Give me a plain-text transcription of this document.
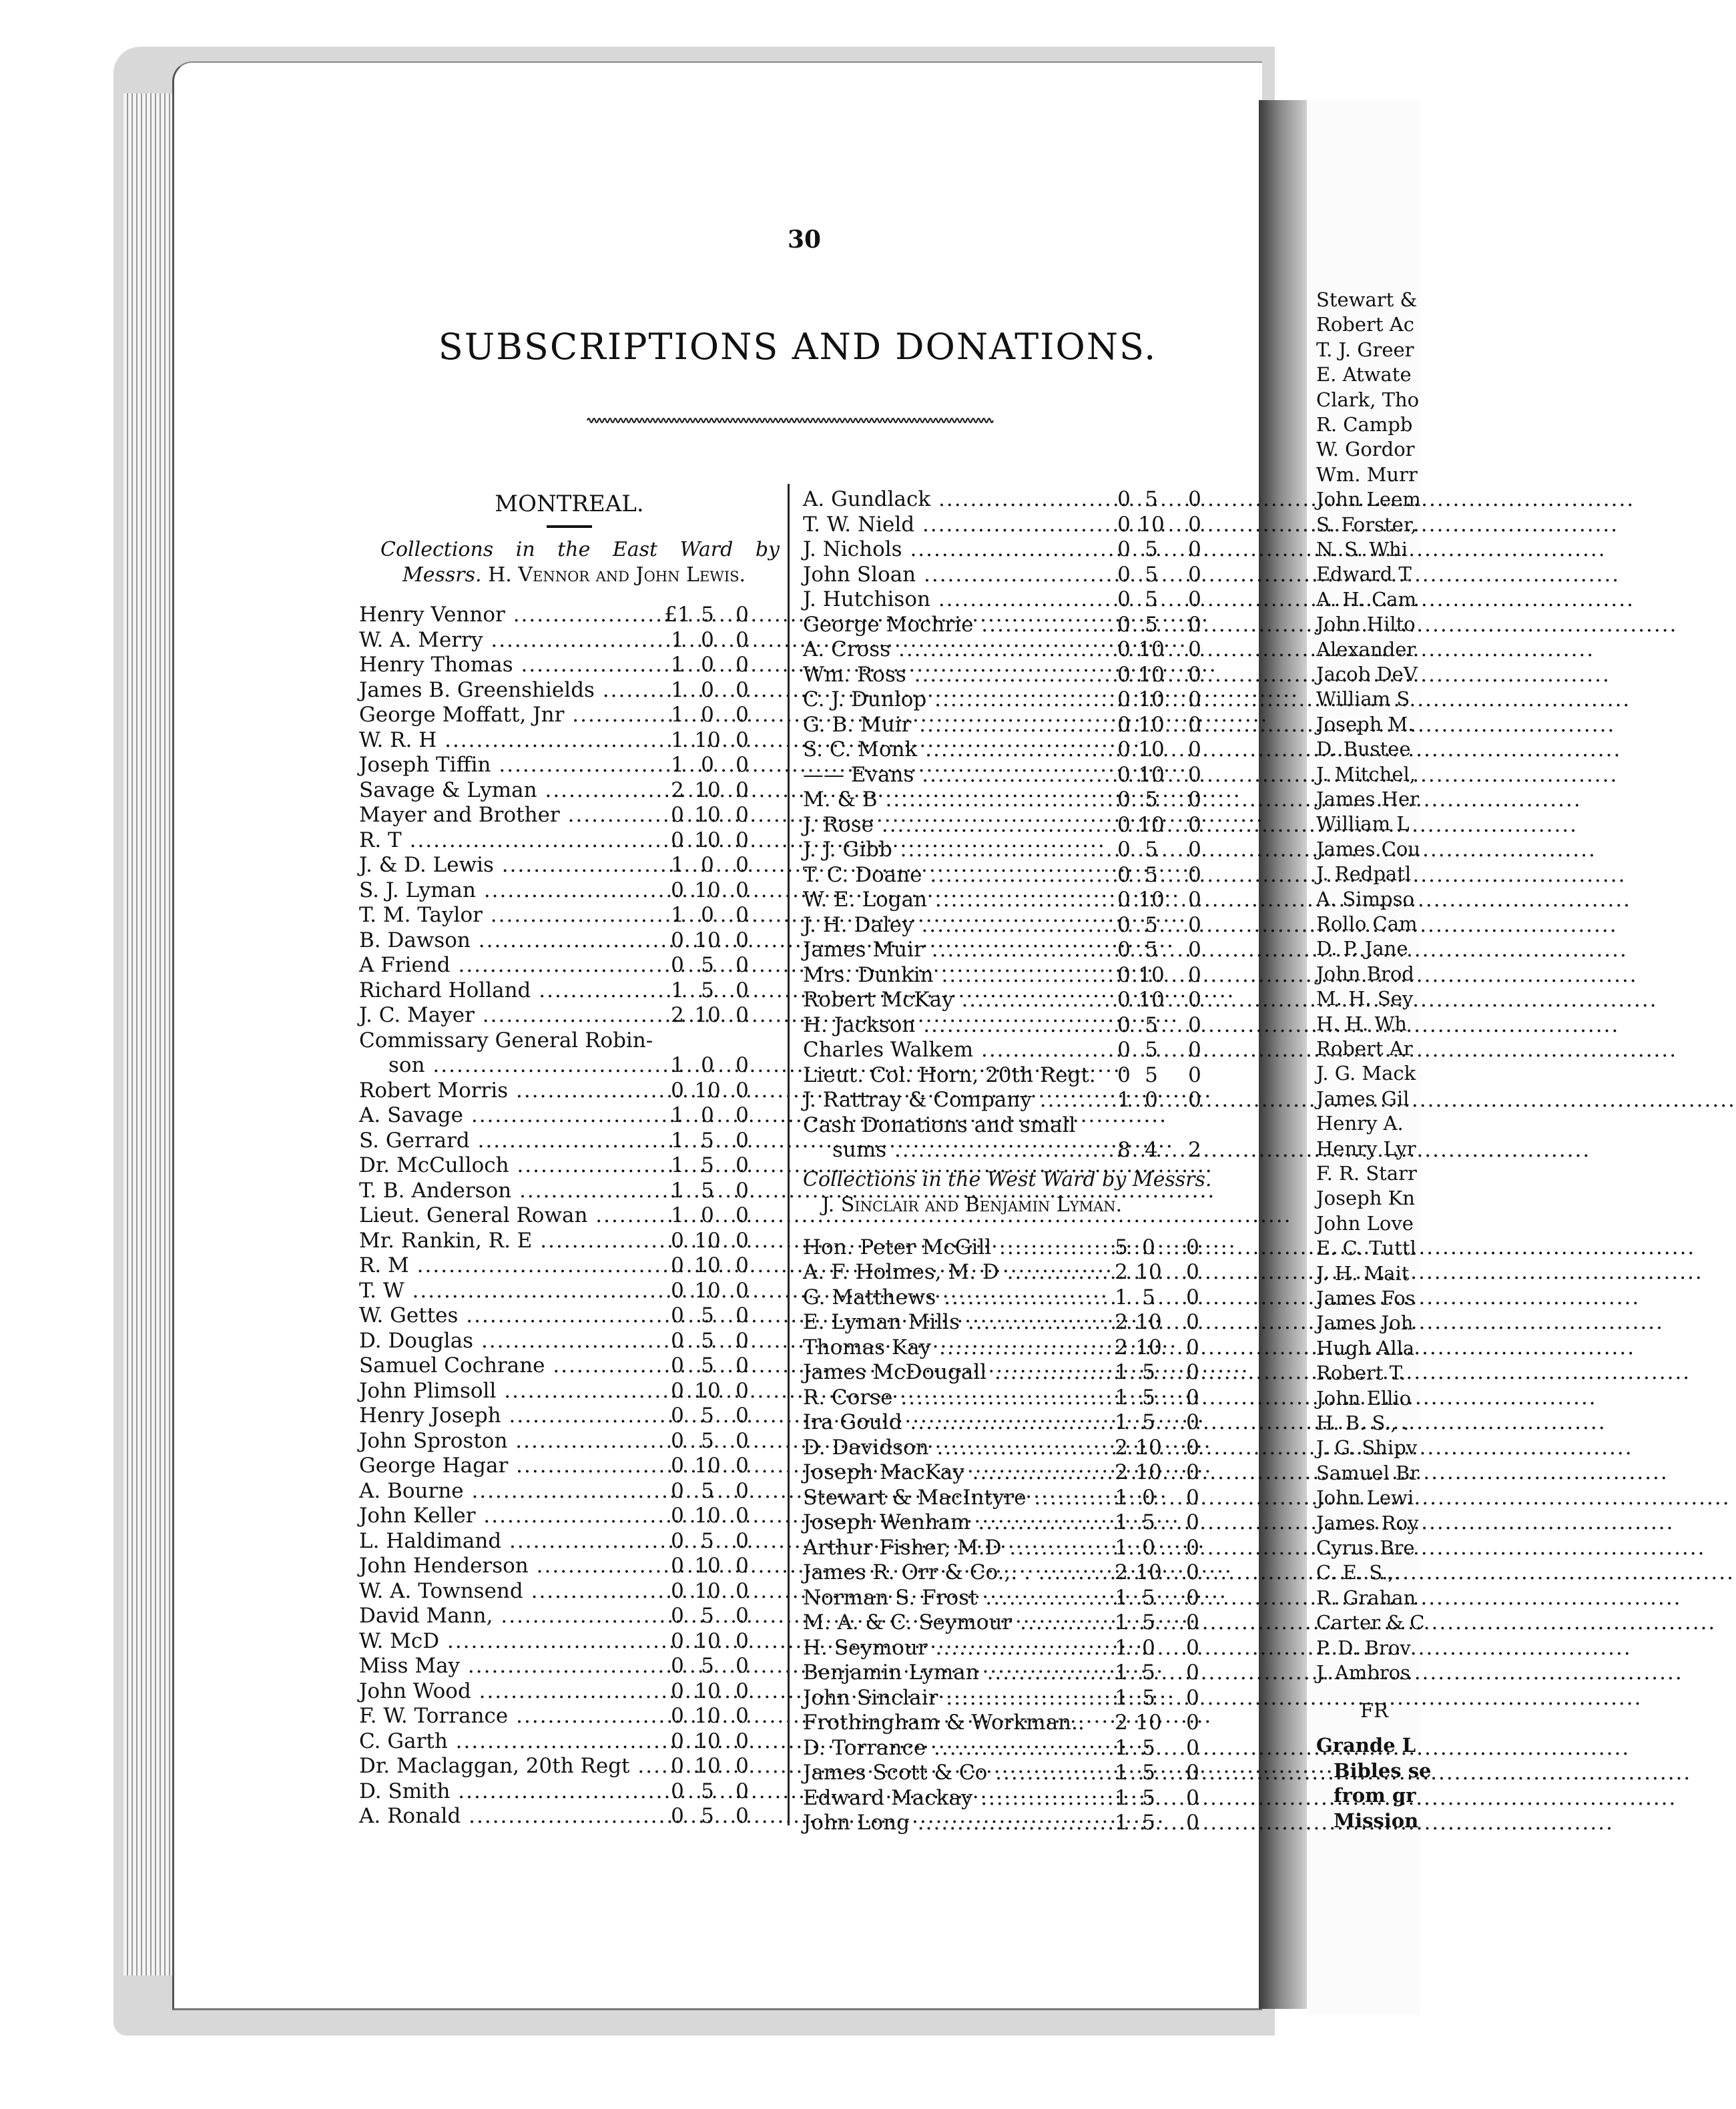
Stewart &
Robert Ac
T. J. Greer
E. Atwate
Clark, Tho
R. Campb
W. Gordor
Wm. Murr
John Leem
S. Forster,
N. S. Whi
Edward T
A. H. Cam
John Hilto
Alexander
Jacob DeV
William S
Joseph M.
D. Bustee
J. Mitchel,
James Her
William L
James Cou
J. Redpatl
A. Simpso
Rollo Cam
D. P. Jane
John Brod
M. H. Sey
H. H. Wh
Robert Ar
J. G. Mack
James Gil
Henry A.
Henry Lyr
F. R. Starr
Joseph Kn
John Love
E. C. Tuttl
J. H. Mait
James Fos
James Joh
Hugh Alla
Robert T.
John Ellio
H. B. S., .
J. G. Shipv
Samuel Br
John Lewi
James Roy
Cyrus Bre
C. E. S.,.
R. Grahan
Carter & C
P. D. Brov
J. Ambros
FR
Grande L
Bibles se
from gr
Mission
30
SUBSCRIPTIONS AND DONATIONS.
MONTREAL.
Collections in the East Ward by
Messrs. H. Vennor and John Lewis.
Henry Vennor .....	£1 5	0
W. A. Merry .....	1 0	0
Henry Thomas .....	1 0	0
James B. Greenshields .....	1 0	0
George Moffatt, Jnr .....	1 0	0
W. R. H .....	1 10 0
Joseph Tiffin .....	1 0	0
Savage & Lyman .....	2 10 0
Mayer and Brother .....	0 10 0
R. T .....	0 10 0
J. & D. Lewis .....	1 0	0
S. J. Lyman .....	0 10 0
T. M. Taylor .....	1 0	0
B. Dawson .....	0 10 0
A Friend .....	0 5	0
Richard Holland .....	1 5	0
J. C. Mayer .....	2 10 0
Commissary General Robin-
son .....	1 0	0
Robert Morris .....	0 10 0
A. Savage .....	1 0	0
S. Gerrard .....	1 5	0
Dr. McCulloch .....	1 5	0
T. B. Anderson .....	1 5	0
Lieut. General Rowan .....	1 0	0
Mr. Rankin, R. E .....	0 10 0
R. M .....	0 10 0
T. W .....	0 10 0
W. Gettes .....	0 5	0
D. Douglas .....	0 5	0
Samuel Cochrane .....	0 5	0
John Plimsoll .....	0 10 0
Henry Joseph .....	0 5	0
John Sproston .....	0 5	0
George Hagar .....	0 10 0
A. Bourne .....	0 5	0
John Keller .....	0 10 0
L. Haldimand .....	0 5	0
John Henderson .....	0 10 0
W. A. Townsend .....	0 10 0
David Mann, .....	0 5	0
W. McD .....	0 10 0
Miss May .....	0 5	0
John Wood .....	0 10 0
F. W. Torrance .....	0 10 0
C. Garth .....	0 10 0
Dr. Maclaggan, 20th Regt .....	0 10 0
D. Smith .....	0 5	0
A. Ronald .....	0 5	0
A. Gundlack .....	0 5	0
T. W. Nield .....	0 10	0
J. Nichols .....	0 5	0
John Sloan .....	0 5	0
J. Hutchison .....	0 5	0
George Mochrie .....	0 5	0
A. Cross .....	0 10	0
Wm. Ross .....	0 10	0
C. J. Dunlop .....	0 10	0
G. B. Muir .....	0 10	0
S. C. Monk .....	0 10	0
—— Evans .....	0 10	0
M. & B .....	0 5	0
J. Rose .....	0 10	0
J. J. Gibb .....	0 5	0
T. C. Doane .....	0 5	0
W. E. Logan .....	0 10	0
J. H. Daley .....	0 5	0
James Muir .....	0 5	0
Mrs. Dunkin .....	0 10	0
Robert McKay .....	0 10	0
H. Jackson .....	0 5	0
Charles Walkem .....	0 5	0
Lieut. Col. Horn, 20th Regt.	0 5	0
J. Rattray & Company .....	1 0	0
Cash Donations and small
sums .....	8 4	2
Collections in the West Ward by Messrs.
J. Sinclair and Benjamin Lyman.
Hon. Peter McGill .....	5 0	0
A. F. Holmes, M. D .....	2 10	0
G. Matthews .....	1 5	0
E. Lyman Mills .....	2 10	0
Thomas Kay .....	2 10	0
James McDougall .....	1 5	0
R. Corse .....	1 5	0
Ira Gould .....	1 5	0
D. Davidson .....	2 10	0
Joseph MacKay .....	2 10	0
Stewart & MacIntyre .....	1 0	0
Joseph Wenham .....	1 5	0
Arthur Fisher, M.D .....	1 0	0
James R. Orr & Co.,. . .....	2 10	0
Norman S. Frost .....	1 5	0
M. A. & C. Seymour .....	1 5	0
H. Seymour .....	1 0	0
Benjamin Lyman .....	1 5	0
John Sinclair .....	1 5	0
Frothingham & Workman..	2 10	0
D. Torrance .....	1 5	0
James Scott & Co .....	1 5	0
Edward Mackay .....	1 5	0
John Long .....	1 5	0
